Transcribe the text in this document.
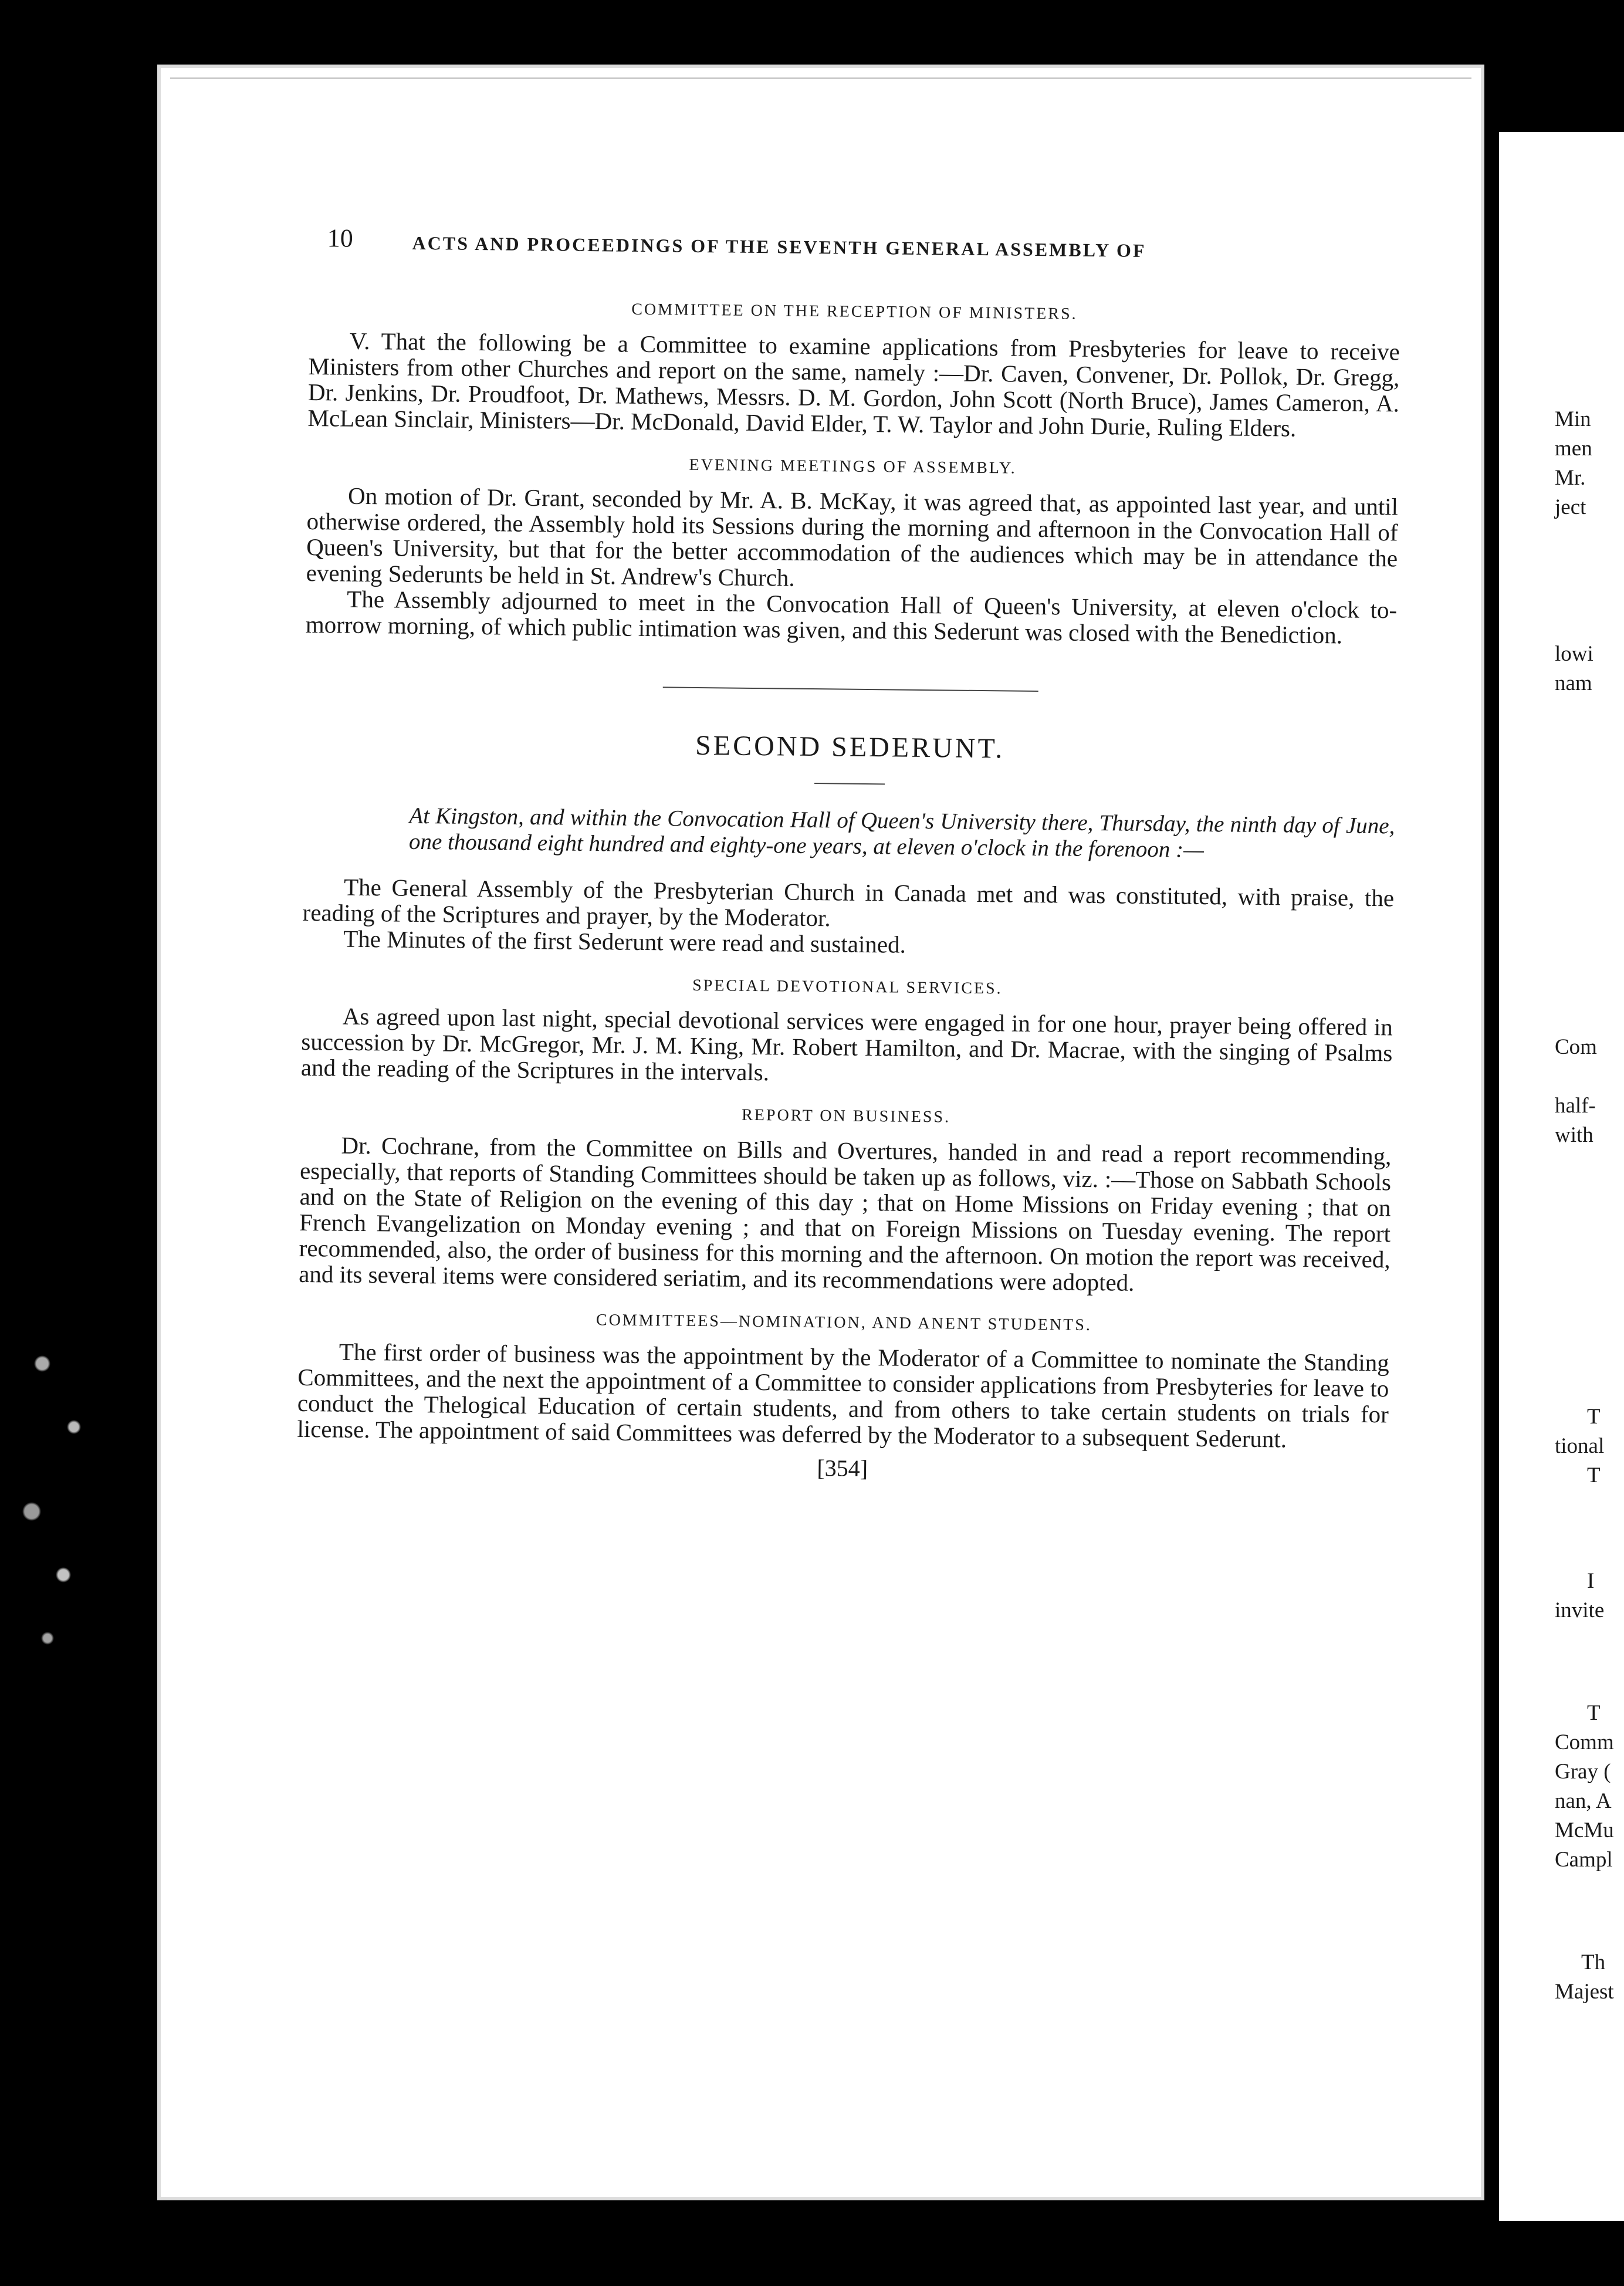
10	ACTS AND PROCEEDINGS OF THE SEVENTH GENERAL ASSEMBLY OF
COMMITTEE ON THE RECEPTION OF MINISTERS.

V. That the following be a Committee to examine applications from Presbyteries for leave to receive Ministers from other Churches and report on the same, namely :—Dr. Caven, Convener, Dr. Pollok, Dr. Gregg, Dr. Jenkins, Dr. Proudfoot, Dr. Mathews, Messrs. D. M. Gordon, John Scott (North Bruce), James Cameron, A. McLean Sinclair, Ministers—Dr. McDonald, David Elder, T. W. Taylor and John Durie, Ruling Elders.

EVENING MEETINGS OF ASSEMBLY.

On motion of Dr. Grant, seconded by Mr. A. B. McKay, it was agreed that, as appointed last year, and until otherwise ordered, the Assembly hold its Sessions during the morning and afternoon in the Convocation Hall of Queen's University, but that for the better accommodation of the audiences which may be in attendance the evening Sederunts be held in St. Andrew's Church.

The Assembly adjourned to meet in the Convocation Hall of Queen's University, at eleven o'clock to-morrow morning, of which public intimation was given, and this Sederunt was closed with the Benediction.

SECOND SEDERUNT.

At Kingston, and within the Convocation Hall of Queen's University there, Thursday, the ninth day of June, one thousand eight hundred and eighty-one years, at eleven o'clock in the forenoon :—

The General Assembly of the Presbyterian Church in Canada met and was constituted, with praise, the reading of the Scriptures and prayer, by the Moderator.

The Minutes of the first Sederunt were read and sustained.

SPECIAL DEVOTIONAL SERVICES.

As agreed upon last night, special devotional services were engaged in for one hour, prayer being offered in succession by Dr. McGregor, Mr. J. M. King, Mr. Robert Hamilton, and Dr. Macrae, with the singing of Psalms and the reading of the Scriptures in the intervals.

REPORT ON BUSINESS.

Dr. Cochrane, from the Committee on Bills and Overtures, handed in and read a report recommending, especially, that reports of Standing Committees should be taken up as follows, viz. :—Those on Sabbath Schools and on the State of Religion on the evening of this day ; that on Home Missions on Friday evening ; that on French Evangelization on Monday evening ; and that on Foreign Missions on Tuesday evening. The report recommended, also, the order of business for this morning and the afternoon. On motion the report was received, and its several items were considered seriatim, and its recommendations were adopted.

COMMITTEES—NOMINATION, AND ANENT STUDENTS.

The first order of business was the appointment by the Moderator of a Committee to nominate the Standing Committees, and the next the appointment of a Committee to consider applications from Presbyteries for leave to conduct the Thelogical Education of certain students, and from others to take certain students on trials for license. The appointment of said Committees was deferred by the Moderator to a subsequent Sederunt.

[354]
Min
men
Mr.
ject
lowi
nam
Com
half-
with
T
tional
T
I
invite
T
Comm
Gray (
nan, A
McMu
Campl
Th
Majest
